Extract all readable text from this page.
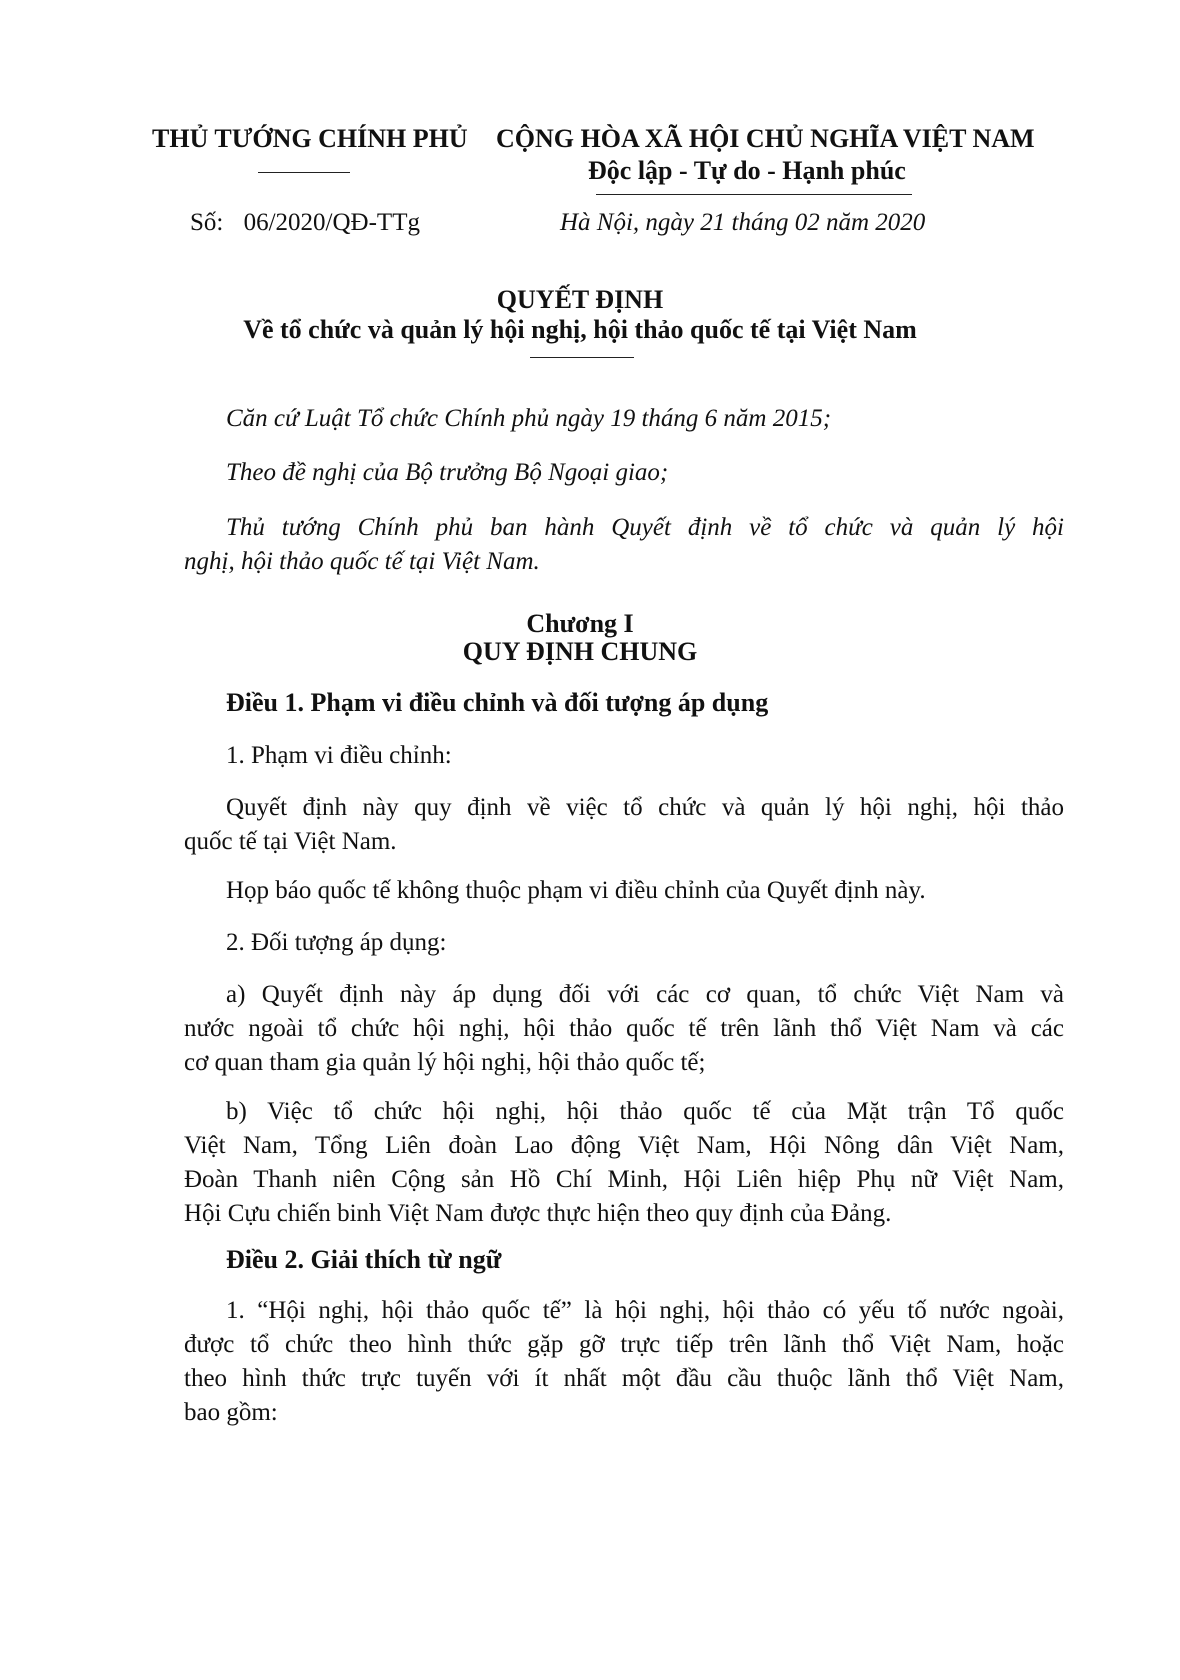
THỦ TƯỚNG CHÍNH PHỦ CỘNG HÒA XÃ HỘI CHỦ NGHĨA VIỆT NAM
Độc lập - Tự do - Hạnh phúc
Số: 06/2020/QĐ-TTg	Hà Nội, ngày 21 tháng 02 năm 2020
QUYẾT ĐỊNH
Về tổ chức và quản lý hội nghị, hội thảo quốc tế tại Việt Nam
Căn cứ Luật Tổ chức Chính phủ ngày 19 tháng 6 năm 2015;
Theo đề nghị của Bộ trưởng Bộ Ngoại giao;
Thủ tướng Chính phủ ban hành Quyết định về tổ chức và quản lý hội
nghị, hội thảo quốc tế tại Việt Nam.
Chương I
QUY ĐỊNH CHUNG
Điều 1. Phạm vi điều chỉnh và đối tượng áp dụng
1. Phạm vi điều chỉnh:
Quyết định này quy định về việc tổ chức và quản lý hội nghị, hội thảo
quốc tế tại Việt Nam.
Họp báo quốc tế không thuộc phạm vi điều chỉnh của Quyết định này.
2. Đối tượng áp dụng:
a) Quyết định này áp dụng đối với các cơ quan, tổ chức Việt Nam và
nước ngoài tổ chức hội nghị, hội thảo quốc tế trên lãnh thổ Việt Nam và các
cơ quan tham gia quản lý hội nghị, hội thảo quốc tế;
b) Việc tổ chức hội nghị, hội thảo quốc tế của Mặt trận Tổ quốc
Việt Nam, Tổng Liên đoàn Lao động Việt Nam, Hội Nông dân Việt Nam,
Đoàn Thanh niên Cộng sản Hồ Chí Minh, Hội Liên hiệp Phụ nữ Việt Nam,
Hội Cựu chiến binh Việt Nam được thực hiện theo quy định của Đảng.
Điều 2. Giải thích từ ngữ
1. “Hội nghị, hội thảo quốc tế” là hội nghị, hội thảo có yếu tố nước ngoài,
được tổ chức theo hình thức gặp gỡ trực tiếp trên lãnh thổ Việt Nam, hoặc
theo hình thức trực tuyến với ít nhất một đầu cầu thuộc lãnh thổ Việt Nam,
bao gồm:
